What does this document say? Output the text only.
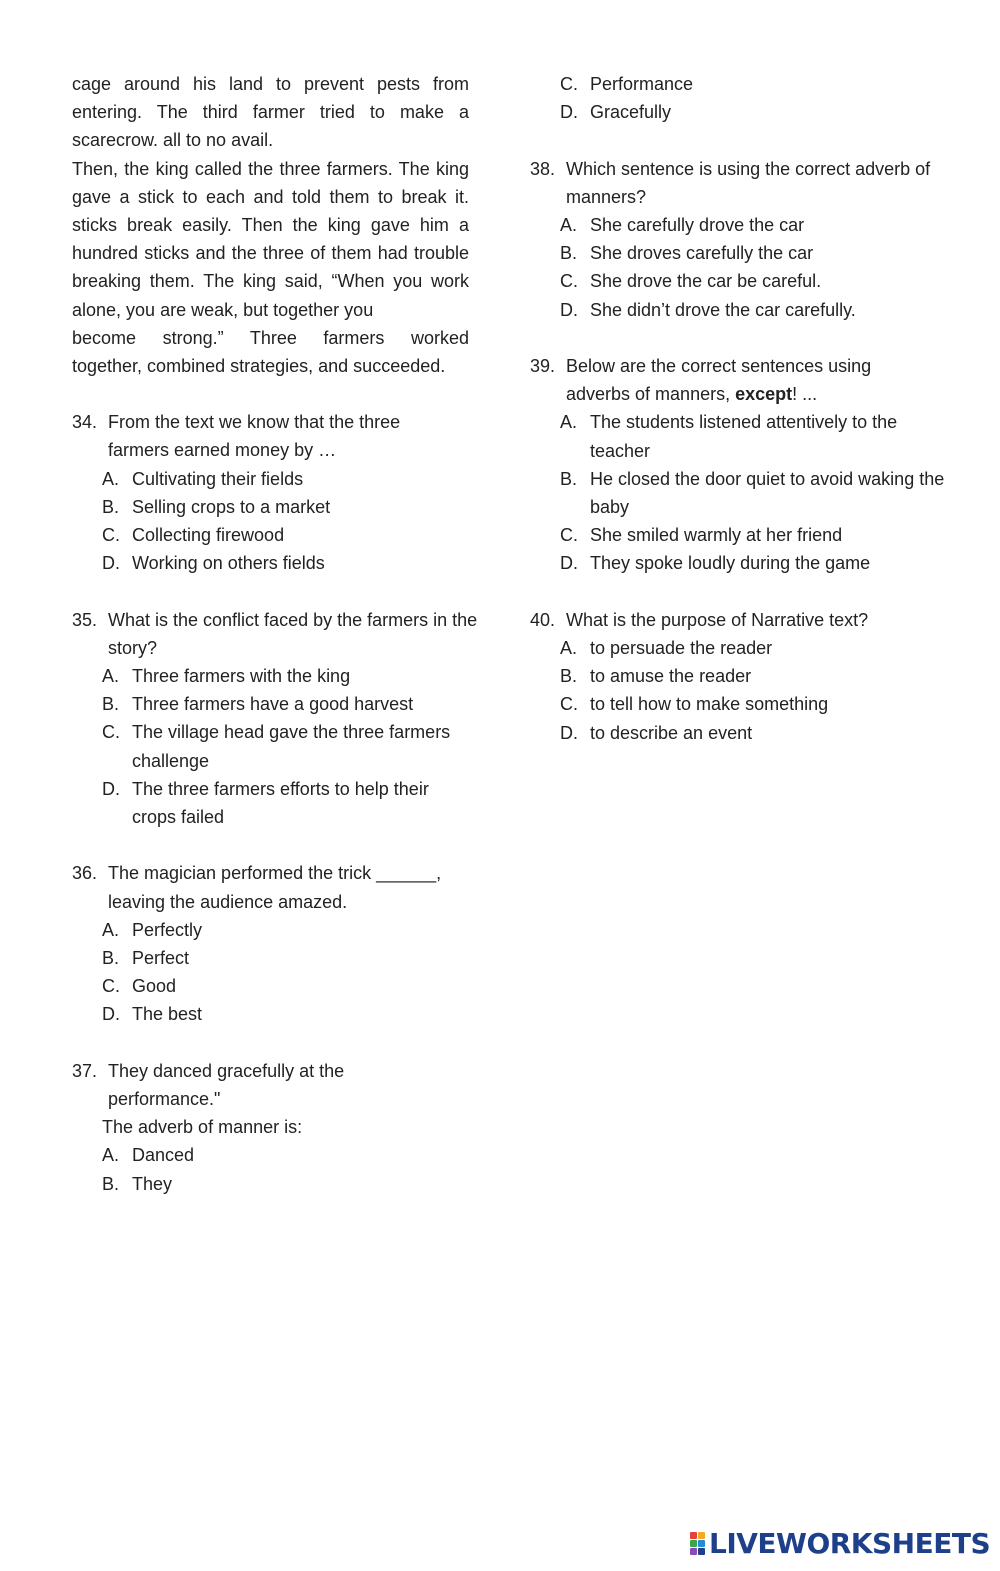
cage around his land to prevent pests from
entering. The third farmer tried to make a
scarecrow. all to no avail.
Then, the king called the three farmers. The king
gave a stick to each and told them to break it.
sticks break easily. Then the king gave him a
hundred sticks and the three of them had trouble
breaking them. The king said, “When you work
alone, you are weak, but together you
become strong.” Three farmers worked
together, combined strategies, and succeeded.
34. From the text we know that the three farmers earned money by …
A. Cultivating their fields
B. Selling crops to a market
C. Collecting firewood
D. Working on others fields
35. What is the conflict faced by the farmers in the story?
A. Three farmers with the king
B. Three farmers have a good harvest
C. The village head gave the three farmers challenge
D. The three farmers efforts to help their crops failed
36. The magician performed the trick ______, leaving the audience amazed.
A. Perfectly
B. Perfect
C. Good
D. The best
37. They danced gracefully at the performance."
The adverb of manner is:
A. Danced
B. They
C. Performance
D. Gracefully
38. Which sentence is using the correct adverb of manners?
A. She carefully drove the car
B. She droves carefully the car
C. She drove the car be careful.
D. She didn’t drove the car carefully.
39. Below are the correct sentences using adverbs of manners, except! ...
A. The students listened attentively to the teacher
B. He closed the door quiet to avoid waking the baby
C. She smiled warmly at her friend
D. They spoke loudly during the game
40. What is the purpose of Narrative text?
A. to persuade the reader
B. to amuse the reader
C. to tell how to make something
D. to describe an event
LIVEWORKSHEETS
